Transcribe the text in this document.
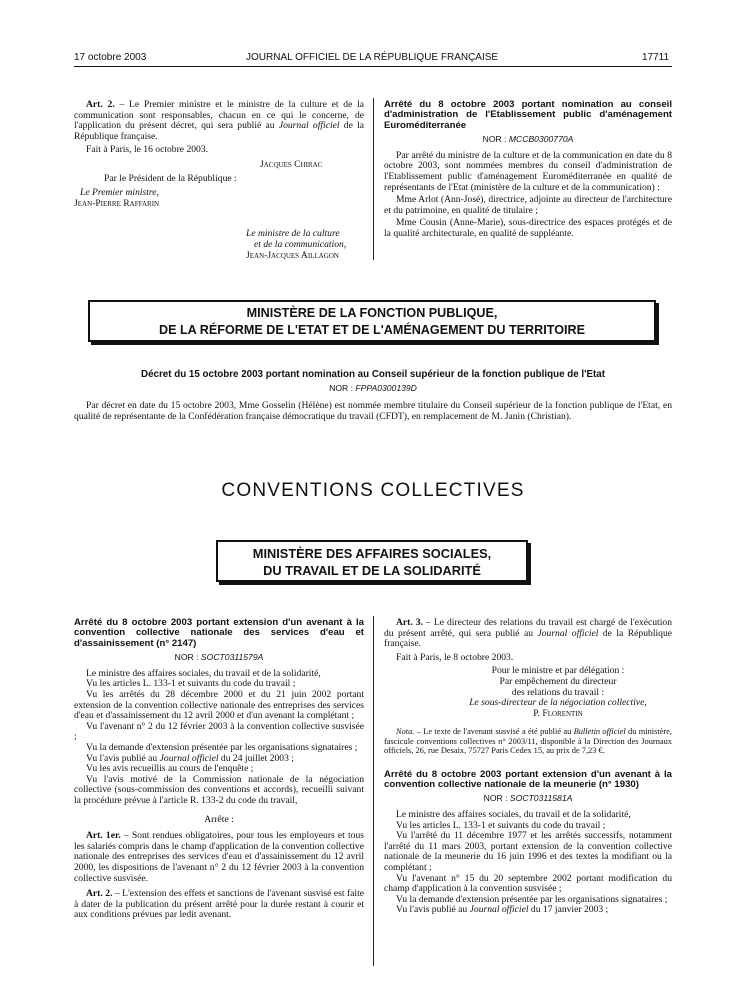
17 octobre 2003	JOURNAL OFFICIEL DE LA RÉPUBLIQUE FRANÇAISE	17711

Art. 2. – Le Premier ministre et le ministre de la culture et de la communication sont responsables, chacun en ce qui le concerne, de l'application du présent décret, qui sera publié au Journal officiel de la République française.

Fait à Paris, le 16 octobre 2003.

Jacques Chirac

Par le Président de la République :

Le Premier ministre,

Jean-Pierre Raffarin

Le ministre de la culture

et de la communication,

Jean-Jacques Aillagon

Arrêté du 8 octobre 2003 portant nomination au conseil d'administration de l'Etablissement public d'aménagement Euroméditerranée

NOR : MCCB0300770A

Par arrêté du ministre de la culture et de la communication en date du 8 octobre 2003, sont nommées membres du conseil d'administration de l'Etablissement public d'aménagement Euroméditerranée en qualité de représentants de l'Etat (ministère de la culture et de la communication) :

Mme Arlot (Ann-José), directrice, adjointe au directeur de l'architecture et du patrimoine, en qualité de titulaire ;

Mme Cousin (Anne-Marie), sous-directrice des espaces protégés et de la qualité architecturale, en qualité de suppléante.

MINISTÈRE DE LA FONCTION PUBLIQUE,
DE LA RÉFORME DE L'ETAT ET DE L'AMÉNAGEMENT DU TERRITOIRE
Décret du 15 octobre 2003 portant nomination au Conseil supérieur de la fonction publique de l'Etat
NOR : FPPA0300139D
Par décret en date du 15 octobre 2003, Mme Gosselin (Hélène) est nommée membre titulaire du Conseil supérieur de la fonction publique de l'Etat, en qualité de représentante de la Confédération française démocratique du travail (CFDT), en remplacement de M. Janin (Christian).
CONVENTIONS COLLECTIVES
MINISTÈRE DES AFFAIRES SOCIALES,
DU TRAVAIL ET DE LA SOLIDARITÉ

Arrêté du 8 octobre 2003 portant extension d'un avenant à la convention collective nationale des services d'eau et d'assainissement (n° 2147)

NOR : SOCT0311579A

Le ministre des affaires sociales, du travail et de la solidarité,

Vu les articles L. 133-1 et suivants du code du travail ;

Vu les arrêtés du 28 décembre 2000 et du 21 juin 2002 portant extension de la convention collective nationale des entreprises des services d'eau et d'assainissement du 12 avril 2000 et d'un avenant la complétant ;

Vu l'avenant n° 2 du 12 février 2003 à la convention collective susvisée ;

Vu la demande d'extension présentée par les organisations signataires ;

Vu l'avis publié au Journal officiel du 24 juillet 2003 ;

Vu les avis recueillis au cours de l'enquête ;

Vu l'avis motivé de la Commission nationale de la négociation collective (sous-commission des conventions et accords), recueilli suivant la procédure prévue à l'article R. 133-2 du code du travail,

Arrête :

Art. 1er. – Sont rendues obligatoires, pour tous les employeurs et tous les salariés compris dans le champ d'application de la convention collective nationale des entreprises des services d'eau et d'assainissement du 12 avril 2000, les dispositions de l'avenant n° 2 du 12 février 2003 à la convention collective susvisée.

Art. 2. – L'extension des effets et sanctions de l'avenant susvisé est faite à dater de la publication du présent arrêté pour la durée restant à courir et aux conditions prévues par ledit avenant.

Art. 3. – Le directeur des relations du travail est chargé de l'exécution du présent arrêté, qui sera publié au Journal officiel de la République française.

Fait à Paris, le 8 octobre 2003.

Pour le ministre et par délégation :

Par empêchement du directeur

des relations du travail :

Le sous-directeur de la négociation collective,

P. Florentin

Nota. – Le texte de l'avenant susvisé a été publié au Bulletin officiel du ministère, fascicule conventions collectives n° 2003/11, disponible à la Direction des Journaux officiels, 26, rue Desaix, 75727 Paris Cedex 15, au prix de 7,23 €.

Arrêté du 8 octobre 2003 portant extension d'un avenant à la convention collective nationale de la meunerie (n° 1930)

NOR : SOCT0311581A

Le ministre des affaires sociales, du travail et de la solidarité,

Vu les articles L. 133-1 et suivants du code du travail ;

Vu l'arrêté du 11 décembre 1977 et les arrêtés successifs, notamment l'arrêté du 11 mars 2003, portant extension de la convention collective nationale de la meunerie du 16 juin 1996 et des textes la modifiant ou la complétant ;

Vu l'avenant n° 15 du 20 septembre 2002 portant modification du champ d'application à la convention susvisée ;

Vu la demande d'extension présentée par les organisations signataires ;

Vu l'avis publié au Journal officiel du 17 janvier 2003 ;
